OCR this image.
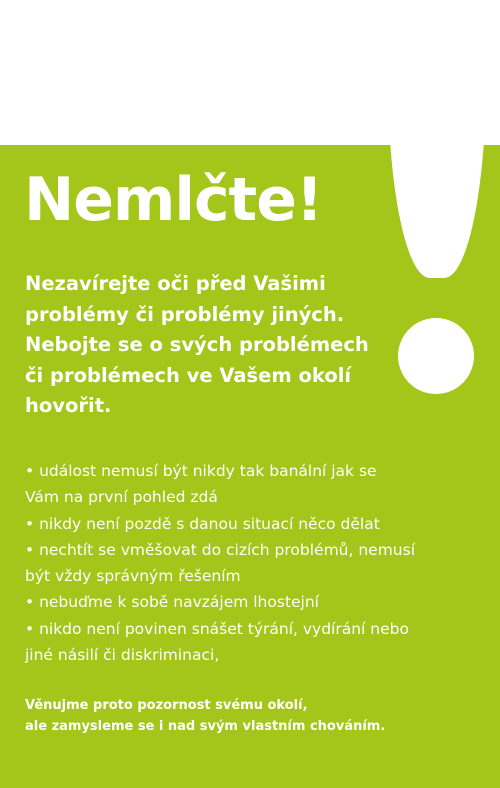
Nemlčte!
Nezavírejte oči před Vašimi
problémy či problémy jiných.
Nebojte se o svých problémech
či problémech ve Vašem okolí
hovořit.
• událost nemusí být nikdy tak banální jak se
Vám na první pohled zdá
• nikdy není pozdě s danou situací něco dělat
• nechtít se vměšovat do cizích problémů, nemusí
být vždy správným řešením
• nebuďme k sobě navzájem lhostejní
• nikdo není povinen snášet týrání, vydírání nebo
jiné násilí či diskriminaci,
Věnujme proto pozornost svému okolí,
ale zamysleme se i nad svým vlastním chováním.
